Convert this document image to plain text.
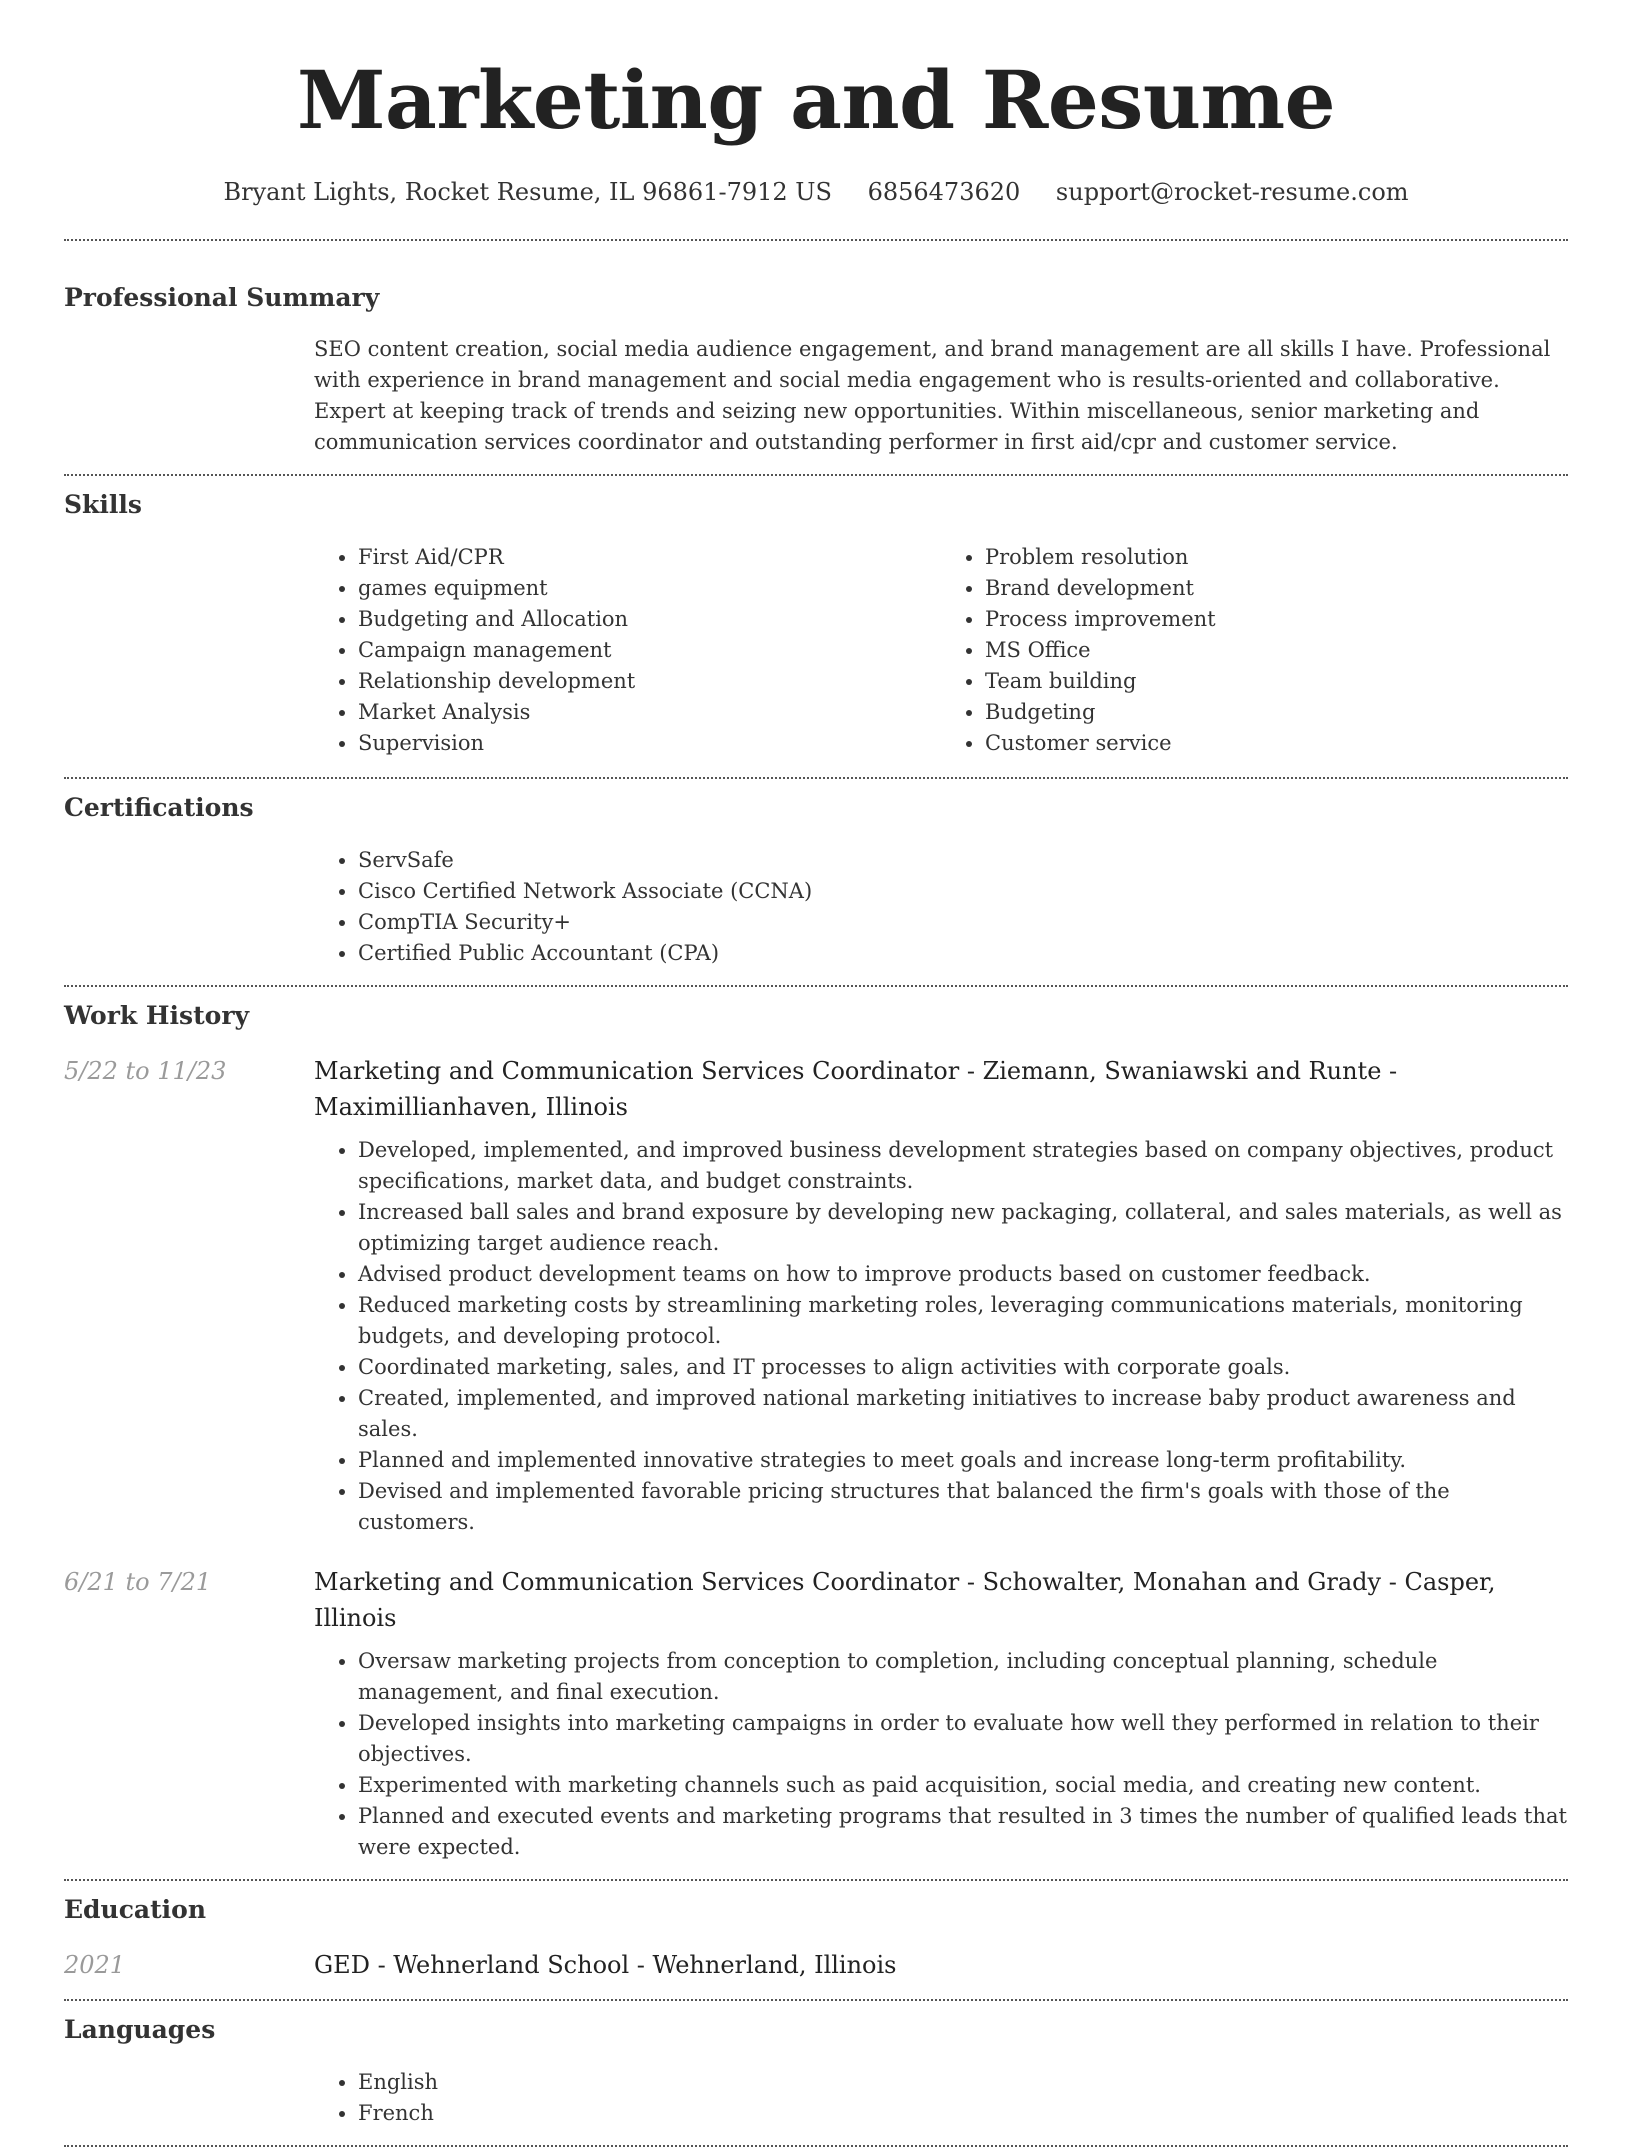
Marketing and Resume
Bryant Lights, Rocket Resume, IL 96861-7912 US 6856473620 support@rocket-resume.com
Professional Summary
SEO content creation, social media audience engagement, and brand management are all skills I have. Professional with experience in brand management and social media engagement who is results-oriented and collaborative. Expert at keeping track of trends and seizing new opportunities. Within miscellaneous, senior marketing and communication services coordinator and outstanding performer in first aid/cpr and customer service.
Skills
• First Aid/CPR
• games equipment
• Budgeting and Allocation
• Campaign management
• Relationship development
• Market Analysis
• Supervision
• Problem resolution
• Brand development
• Process improvement
• MS Office
• Team building
• Budgeting
• Customer service
Certifications
• ServSafe
• Cisco Certified Network Associate (CCNA)
• CompTIA Security+
• Certified Public Accountant (CPA)
Work History
5/22 to 11/23	Marketing and Communication Services Coordinator - Ziemann, Swaniawski and Runte - Maximillianhaven, Illinois
• Developed, implemented, and improved business development strategies based on company objectives, product specifications, market data, and budget constraints.
• Increased ball sales and brand exposure by developing new packaging, collateral, and sales materials, as well as optimizing target audience reach.
• Advised product development teams on how to improve products based on customer feedback.
• Reduced marketing costs by streamlining marketing roles, leveraging communications materials, monitoring budgets, and developing protocol.
• Coordinated marketing, sales, and IT processes to align activities with corporate goals.
• Created, implemented, and improved national marketing initiatives to increase baby product awareness and sales.
• Planned and implemented innovative strategies to meet goals and increase long-term profitability.
• Devised and implemented favorable pricing structures that balanced the firm's goals with those of the customers.
6/21 to 7/21	Marketing and Communication Services Coordinator - Schowalter, Monahan and Grady - Casper, Illinois
• Oversaw marketing projects from conception to completion, including conceptual planning, schedule management, and final execution.
• Developed insights into marketing campaigns in order to evaluate how well they performed in relation to their objectives.
• Experimented with marketing channels such as paid acquisition, social media, and creating new content.
• Planned and executed events and marketing programs that resulted in 3 times the number of qualified leads that were expected.
Education
2021	GED - Wehnerland School - Wehnerland, Illinois
Languages
• English
• French
